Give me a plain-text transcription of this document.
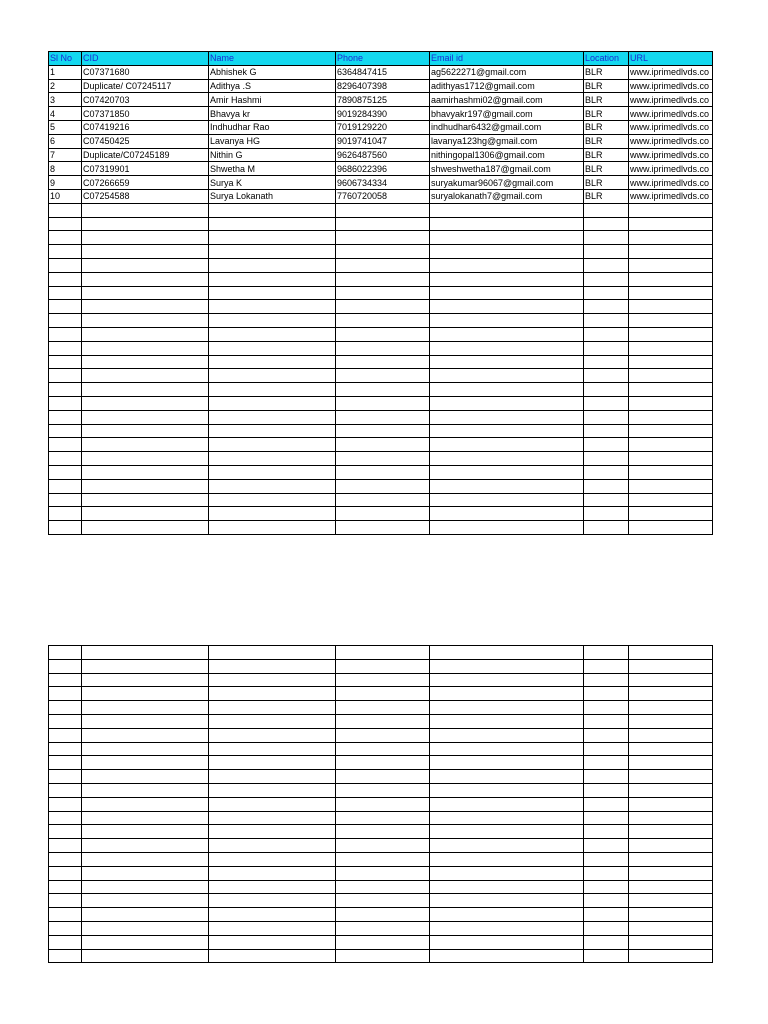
Sl No	CID	Name	Phone	Email id	Location	URL
1	C07371680	Abhishek G	6364847415	ag5622271@gmail.com	BLR	www.iprimedlvds.co
2	Duplicate/ C07245117	Adithya .S	8296407398	adithyas1712@gmail.com	BLR	www.iprimedlvds.co
3	C07420703	Amir Hashmi	7890875125	aamirhashmi02@gmail.com	BLR	www.iprimedlvds.co
4	C07371850	Bhavya kr	9019284390	bhavyakr197@gmail.com	BLR	www.iprimedlvds.co
5	C07419216	Indhudhar Rao	7019129220	indhudhar6432@gmail.com	BLR	www.iprimedlvds.co
6	C07450425	Lavanya HG	9019741047	lavanya123hg@gmail.com	BLR	www.iprimedlvds.co
7	Duplicate/C07245189	Nithin G	9626487560	nithingopal1306@gmail.com	BLR	www.iprimedlvds.co
8	C07319901	Shwetha M	9686022396	shweshwetha187@gmail.com	BLR	www.iprimedlvds.co
9	C07266659	Surya K	9606734334	suryakumar96067@gmail.com	BLR	www.iprimedlvds.co
10	C07254588	Surya Lokanath	7760720058	suryalokanath7@gmail.com	BLR	www.iprimedlvds.co
